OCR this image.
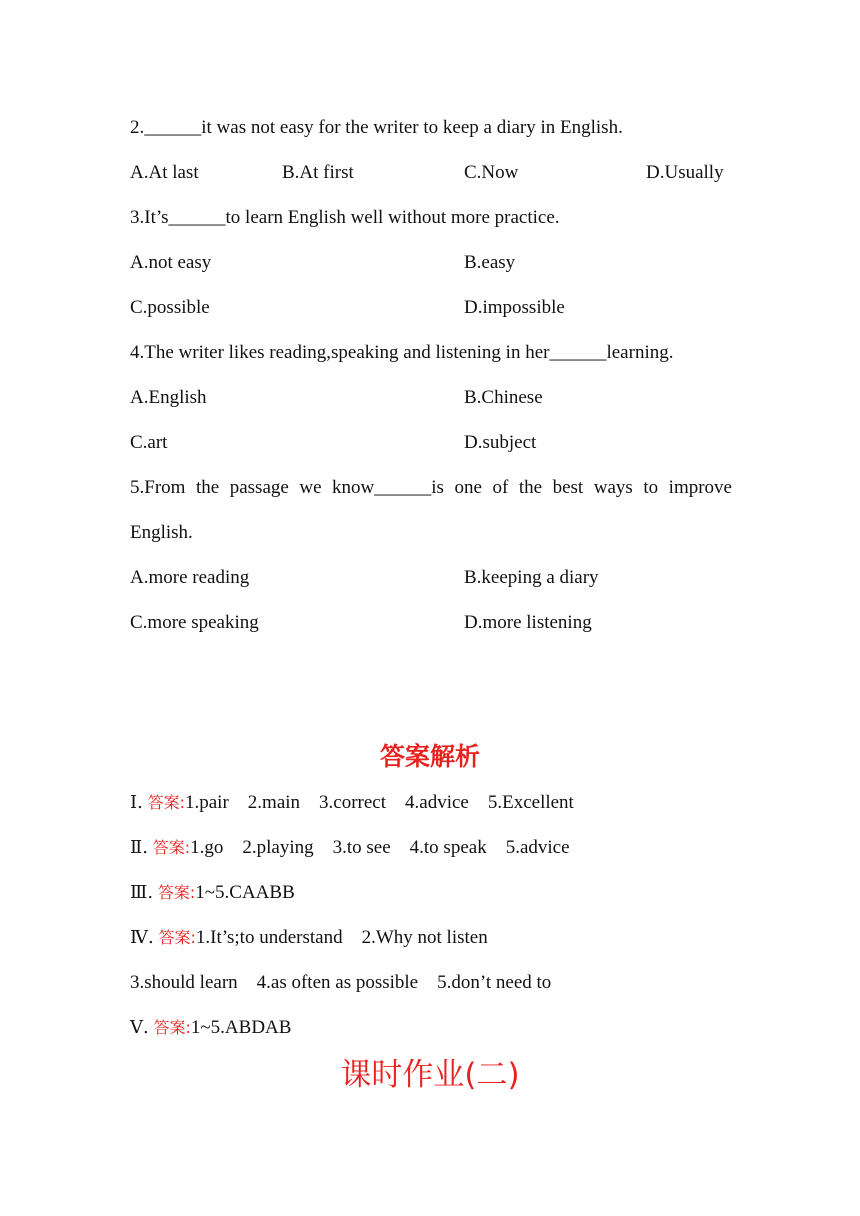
2.______it was not easy for the writer to keep a diary in English.
A.At last	B.At first	C.Now	D.Usually
3.It’s______to learn English well without more practice.
A.not easy	B.easy
C.possible	D.impossible
4.The writer likes reading,speaking and listening in her______learning.
A.English	B.Chinese
C.art	D.subject
5.From the passage we know______is one of the best ways to improve
English.
A.more reading	B.keeping a diary
C.more speaking	D.more listening
答案解析
Ⅰ. 答案:1.pair    2.main    3.correct    4.advice    5.Excellent
Ⅱ. 答案:1.go    2.playing    3.to see    4.to speak    5.advice
Ⅲ. 答案:1~5.CAABB
Ⅳ. 答案:1.It’s;to understand    2.Why not listen
3.should learn    4.as often as possible    5.don’t need to
Ⅴ. 答案:1~5.ABDAB
课时作业(二)
